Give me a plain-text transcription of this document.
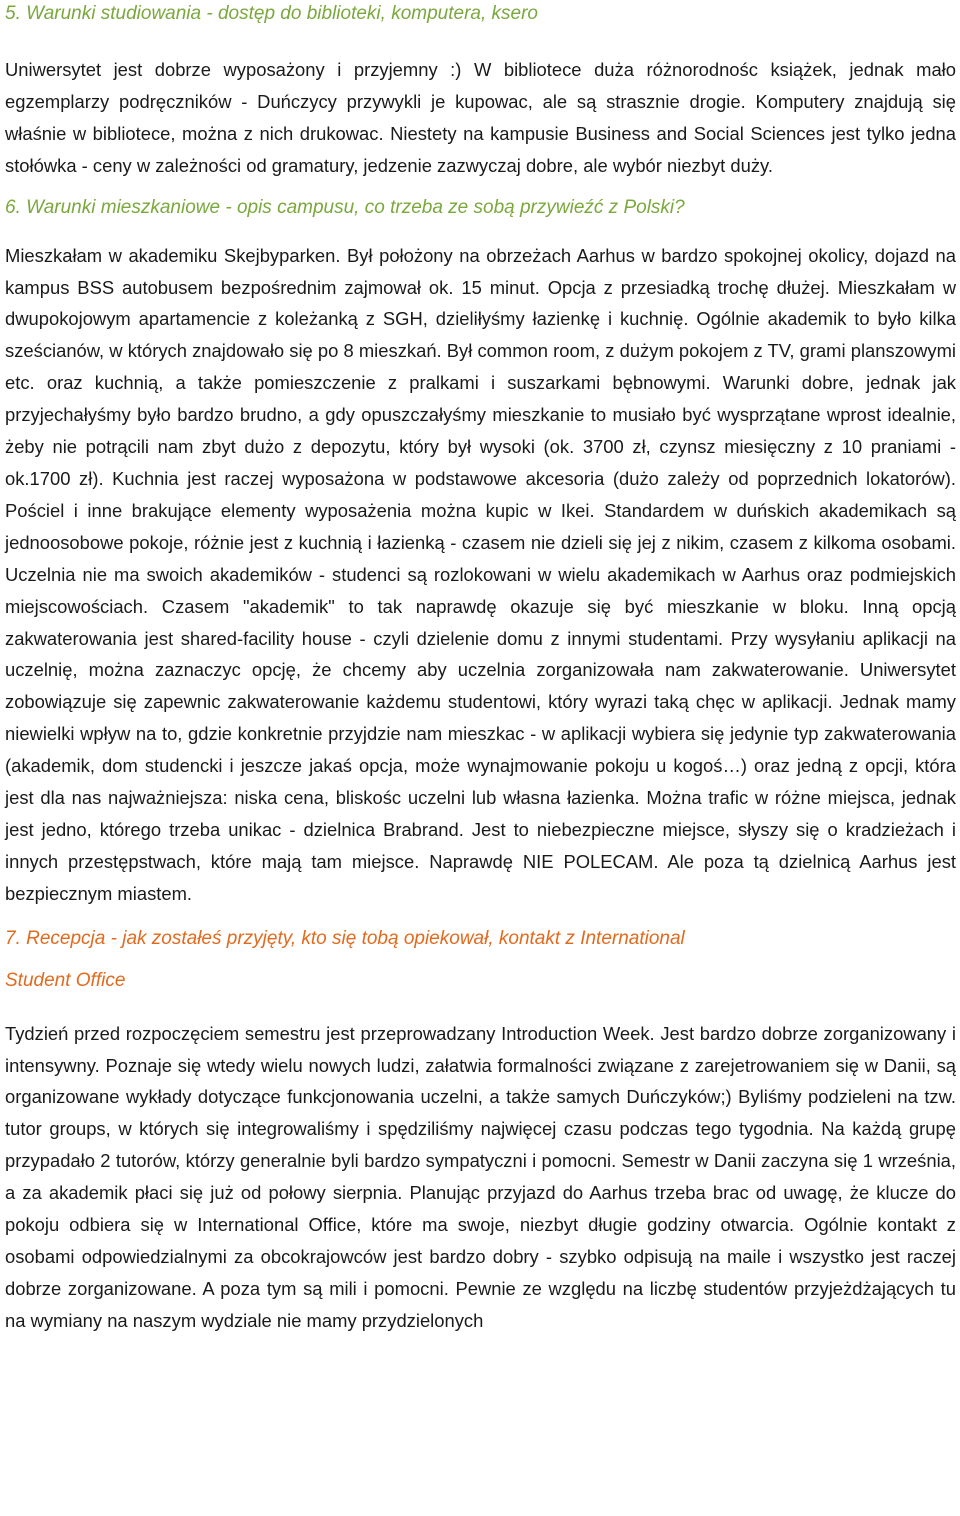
5. Warunki studiowania - dostęp do biblioteki, komputera, ksero

Uniwersytet jest dobrze wyposażony i przyjemny :) W bibliotece duża różnorodnośc książek, jednak mało egzemplarzy podręczników - Duńczycy przywykli je kupowac, ale są strasznie drogie. Komputery znajdują się właśnie w bibliotece, można z nich drukowac. Niestety na kampusie Business and Social Sciences jest tylko jedna stołówka - ceny w zależności od gramatury, jedzenie zazwyczaj dobre, ale wybór niezbyt duży.

6. Warunki mieszkaniowe - opis campusu, co trzeba ze sobą przywieźć z Polski?

Mieszkałam w akademiku Skejbyparken. Był położony na obrzeżach Aarhus w bardzo spokojnej okolicy, dojazd na kampus BSS autobusem bezpośrednim zajmował ok. 15 minut. Opcja z przesiadką trochę dłużej. Mieszkałam w dwupokojowym apartamencie z koleżanką z SGH, dzieliłyśmy łazienkę i kuchnię. Ogólnie akademik to było kilka sześcianów, w których znajdowało się po 8 mieszkań. Był common room, z dużym pokojem z TV, grami planszowymi etc. oraz kuchnią, a także pomieszczenie z pralkami i suszarkami bębnowymi. Warunki dobre, jednak jak przyjechałyśmy było bardzo brudno, a gdy opuszczałyśmy mieszkanie to musiało być wysprzątane wprost idealnie, żeby nie potrącili nam zbyt dużo z depozytu, który był wysoki (ok. 3700 zł, czynsz miesięczny z 10 praniami - ok.1700 zł). Kuchnia jest raczej wyposażona w podstawowe akcesoria (dużo zależy od poprzednich lokatorów). Pościel i inne brakujące elementy wyposażenia można kupic w Ikei. Standardem w duńskich akademikach są jednoosobowe pokoje, różnie jest z kuchnią i łazienką - czasem nie dzieli się jej z nikim, czasem z kilkoma osobami. Uczelnia nie ma swoich akademików - studenci są rozlokowani w wielu akademikach w Aarhus oraz podmiejskich miejscowościach. Czasem "akademik" to tak naprawdę okazuje się być mieszkanie w bloku. Inną opcją zakwaterowania jest shared-facility house - czyli dzielenie domu z innymi studentami. Przy wysyłaniu aplikacji na uczelnię, można zaznaczyc opcję, że chcemy aby uczelnia zorganizowała nam zakwaterowanie. Uniwersytet zobowiązuje się zapewnic zakwaterowanie każdemu studentowi, który wyrazi taką chęc w aplikacji. Jednak mamy niewielki wpływ na to, gdzie konkretnie przyjdzie nam mieszkac - w aplikacji wybiera się jedynie typ zakwaterowania (akademik, dom studencki i jeszcze jakaś opcja, może wynajmowanie pokoju u kogoś…) oraz jedną z opcji, która jest dla nas najważniejsza: niska cena, bliskośc uczelni lub własna łazienka. Można trafic w różne miejsca, jednak jest jedno, którego trzeba unikac - dzielnica Brabrand. Jest to niebezpieczne miejsce, słyszy się o kradzieżach i innych przestępstwach, które mają tam miejsce. Naprawdę NIE POLECAM. Ale poza tą dzielnicą Aarhus jest bezpiecznym miastem.

7. Recepcja - jak zostałeś przyjęty, kto się tobą opiekował, kontakt z International
Student Office

Tydzień przed rozpoczęciem semestru jest przeprowadzany Introduction Week. Jest bardzo dobrze zorganizowany i intensywny. Poznaje się wtedy wielu nowych ludzi, załatwia formalności związane z zarejetrowaniem się w Danii, są organizowane wykłady dotyczące funkcjonowania uczelni, a także samych Duńczyków;) Byliśmy podzieleni na tzw. tutor groups, w których się integrowaliśmy i spędziliśmy najwięcej czasu podczas tego tygodnia. Na każdą grupę przypadało 2 tutorów, którzy generalnie byli bardzo sympatyczni i pomocni. Semestr w Danii zaczyna się 1 września, a za akademik płaci się już od połowy sierpnia. Planując przyjazd do Aarhus trzeba brac od uwagę, że klucze do pokoju odbiera się w International Office, które ma swoje, niezbyt długie godziny otwarcia. Ogólnie kontakt z osobami odpowiedzialnymi za obcokrajowców jest bardzo dobry - szybko odpisują na maile i wszystko jest raczej dobrze zorganizowane. A poza tym są mili i pomocni. Pewnie ze względu na liczbę studentów przyjeżdżających tu na wymiany na naszym wydziale nie mamy przydzielonych
